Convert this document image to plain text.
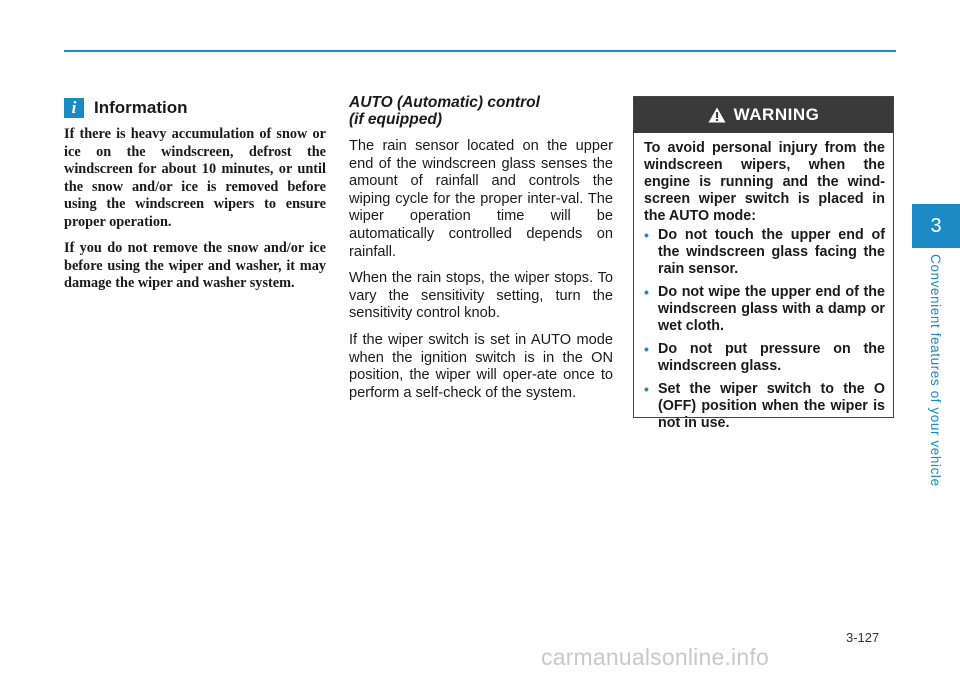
i	Information

If there is heavy accumulation of snow or ice on the windscreen, defrost the windscreen for about 10 minutes, or until the snow and/or ice is removed before using the windscreen wipers to ensure proper operation.

If you do not remove the snow and/or ice before using the wiper and washer, it may damage the wiper and washer system.

AUTO (Automatic) control
(if equipped)

The rain sensor located on the upper end of the windscreen glass senses the amount of rainfall and controls the wiping cycle for the proper inter-val. The wiper operation time will be automatically controlled depends on rainfall.

When the rain stops, the wiper stops. To vary the sensitivity setting, turn the sensitivity control knob.

If the wiper switch is set in AUTO mode when the ignition switch is in the ON position, the wiper will oper-ate once to perform a self-check of the system.

WARNING

To avoid personal injury from the windscreen wipers, when the engine is running and the wind-screen wiper switch is placed in the AUTO mode:

• Do not touch the upper end of the windscreen glass facing the rain sensor.
• Do not wipe the upper end of the windscreen glass with a damp or wet cloth.
• Do not put pressure on the windscreen glass.
• Set the wiper switch to the O (OFF) position when the wiper is not in use.
3
Convenient features of your vehicle
3-127
carmanualsonline.info
